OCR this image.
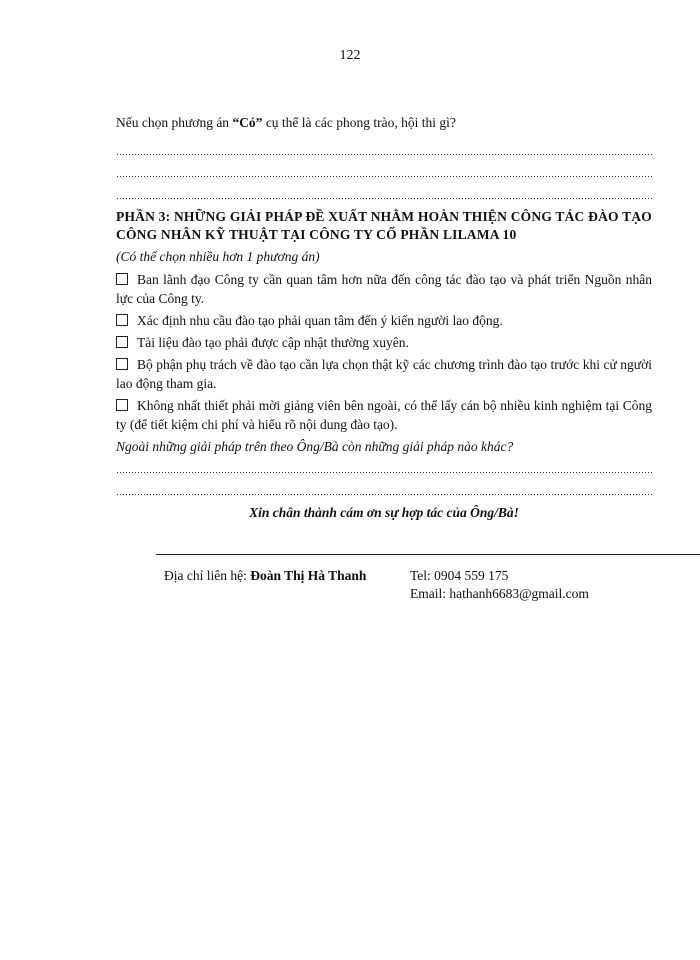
122

Nếu chọn phương án “Có” cụ thể là các phong trào, hội thi gì?

PHẦN 3: NHỮNG GIẢI PHÁP ĐỀ XUẤT NHẰM HOÀN THIỆN CÔNG TÁC ĐÀO TẠO CÔNG NHÂN KỸ THUẬT TẠI CÔNG TY CỔ PHẦN LILAMA 10
(Có thể chọn nhiều hơn 1 phương án)
Ban lãnh đạo Công ty cần quan tâm hơn nữa đến công tác đào tạo và phát triển Nguồn nhân lực của Công ty.
Xác định nhu cầu đào tạo phải quan tâm đến ý kiến người lao động.
Tài liệu đào tạo phải được cập nhật thường xuyên.
Bộ phận phụ trách về đào tạo cần lựa chọn thật kỹ các chương trình đào tạo trước khi cử người lao động tham gia.
Không nhất thiết phải mời giảng viên bên ngoài, có thể lấy cán bộ nhiều kinh nghiệm tại Công ty (để tiết kiệm chi phí và hiểu rõ nội dung đào tạo).
Ngoài những giải pháp trên theo Ông/Bà còn những giải pháp nào khác?
Xin chân thành cám ơn sự hợp tác của Ông/Bà!
Địa chỉ liên hệ: Đoàn Thị Hà Thanh	Tel: 0904 559 175
Email: hathanh6683@gmail.com
